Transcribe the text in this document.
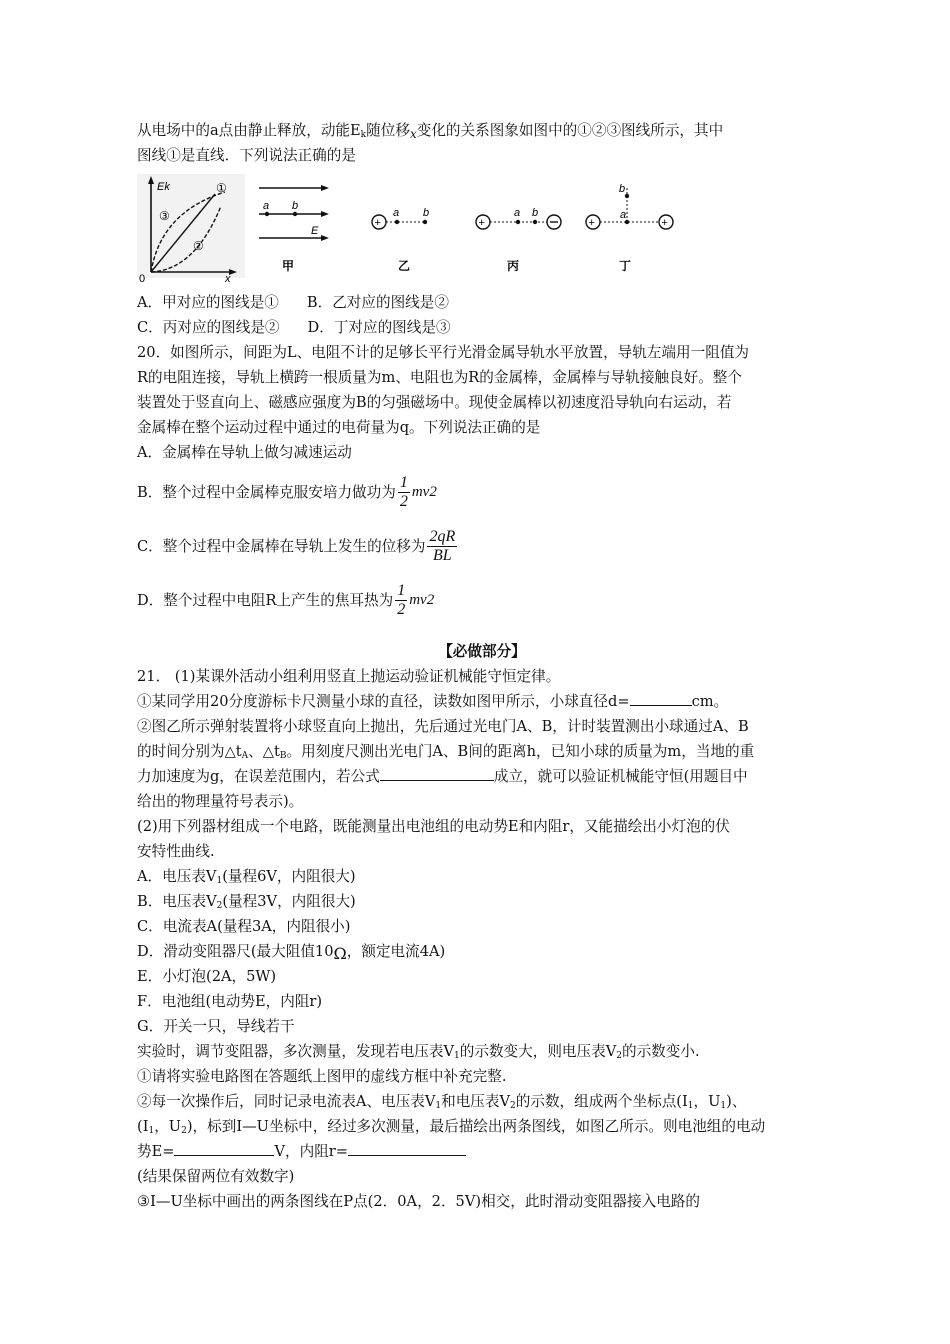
从电场中的a点由静止释放，动能$E_k$随位移$_x$变化的关系图象如图中的①②③图线所示，其中
图线①是直线．下列说法正确的是
Ek
0	x
①
②
③
a b
E
甲
+
a b
乙
+
a b
丙
+	+
b
a
丁
A．甲对应的图线是① B．乙对应的图线是②
C．丙对应的图线是② D．丁对应的图线是③
20．如图所示，间距为L、电阻不计的足够长平行光滑金属导轨水平放置，导轨左端用一阻值为
R的电阻连接，导轨上横跨一根质量为m、电阻也为R的金属棒，金属棒与导轨接触良好。整个
装置处于竖直向上、磁感应强度为B的匀强磁场中。现使金属棒以初速度沿导轨向右运动，若
金属棒在整个运动过程中通过的电荷量为q。下列说法正确的是
A．金属棒在导轨上做匀减速运动
B．整个过程中金属棒克服安培力做功为 $\frac{1}{2}$ mv 2
C．整个过程中金属棒在导轨上发生的位移为 $\frac{2qR}{BL}$
D．整个过程中电阻R上产生的焦耳热为 $\frac{1}{2}$ mv 2
【必做部分】
21． (1)某课外活动小组利用竖直上抛运动验证机械能守恒定律。
①某同学用20分度游标卡尺测量小球的直径，读数如图甲所示，小球直径d=	cm。
②图乙所示弹射装置将小球竖直向上抛出，先后通过光电门A、B，计时装置测出小球通过A、B
的时间分别为$\triangle t_A$、$\triangle t_B$。用刻度尺测出光电门A、B间的距离h，已知小球的质量为m，当地的重
力加速度为g，在误差范围内，若公式	成立，就可以验证机械能守恒(用题目中
给出的物理量符号表示)。
(2)用下列器材组成一个电路，既能测量出电池组的电动势E和内阻r，又能描绘出小灯泡的伏
安特性曲线.
A．电压表$V_1$(量程6V，内阻很大)
B．电压表$V_2$(量程3V，内阻很大)
C．电流表A(量程3A，内阻很小)
D．滑动变阻器尺(最大阻值10Ω，额定电流4A)
E．小灯泡(2A，5W)
F．电池组(电动势E，内阻r)
G．开关一只，导线若干
实验时，调节变阻器，多次测量，发现若电压表$V_1$的示数变大，则电压表$V_2$的示数变小.
①请将实验电路图在答题纸上图甲的虚线方框中补充完整.
②每一次操作后，同时记录电流表A、电压表$V_1$和电压表$V_2$的示数，组成两个坐标点($I_1$，$U_1$)、
($I_1$，$U_2$)，标到I—U坐标中，经过多次测量，最后描绘出两条图线，如图乙所示。则电池组的电动
势E=	V，内阻r=
(结果保留两位有效数字)
③I—U坐标中画出的两条图线在P点(2．0A，2．5V)相交，此时滑动变阻器接入电路的
